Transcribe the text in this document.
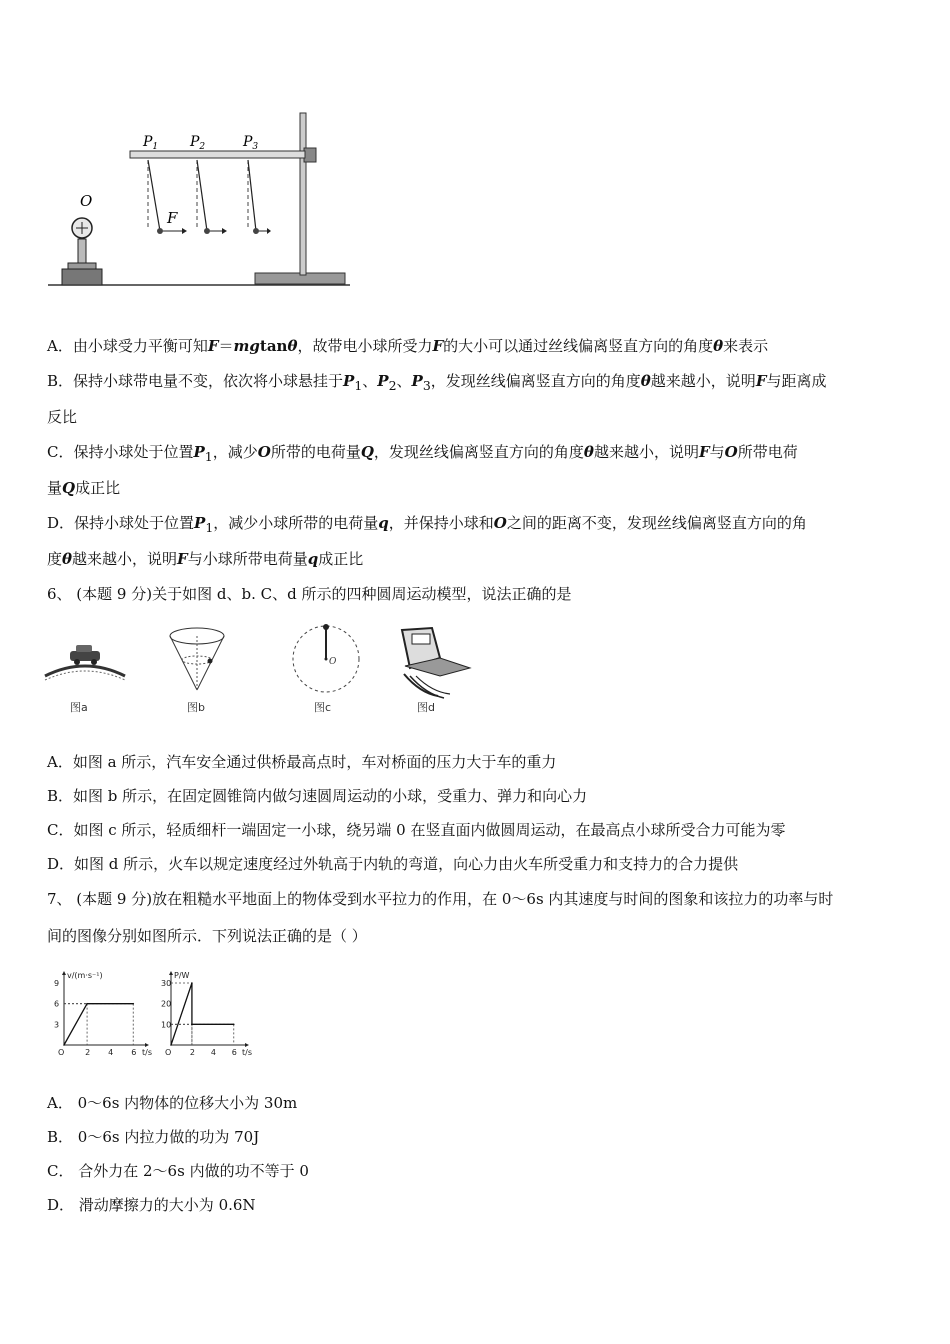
$P_1$ $P_2$	$P_3$
F
O
A．由小球受力平衡可知F＝mgtanθ，故带电小球所受力F的大小可以通过丝线偏离竖直方向的角度θ来表示
B．保持小球带电量不变，依次将小球悬挂于$P_1$、$P_2$、$P_3$，发现丝线偏离竖直方向的角度θ越来越小，说明F与距离成
反比
C．保持小球处于位置$P_1$，减少O所带的电荷量Q，发现丝线偏离竖直方向的角度θ越来越小，说明F与O所带电荷
量Q成正比
D．保持小球处于位置$P_1$，减少小球所带的电荷量q，并保持小球和O之间的距离不变，发现丝线偏离竖直方向的角
度θ越来越小，说明F与小球所带电荷量q成正比
6、 (本题 9 分)关于如图 d、b. C、d 所示的四种圆周运动模型，说法正确的是
图a	图b
O
图c	图d
A．如图 a 所示，汽车安全通过供桥最高点时，车对桥面的压力大于车的重力
B．如图 b 所示，在固定圆锥筒内做匀速圆周运动的小球，受重力、弹力和向心力
C．如图 c 所示，轻质细杆一端固定一小球，绕另端 0 在竖直面内做圆周运动，在最高点小球所受合力可能为零
D．如图 d 所示，火车以规定速度经过外轨高于内轨的弯道，向心力由火车所受重力和支持力的合力提供
7、 (本题 9 分)放在粗糙水平地面上的物体受到水平拉力的作用，在 0～6s 内其速度与时间的图象和该拉力的功率与时
间的图像分别如图所示．下列说法正确的是（ ）
v/(m·s⁻¹)
t/s
O	2 4 6
3
6
9
P/W
t/s
O 2 4 6
10
20
30
A． 0～6s 内物体的位移大小为 30m
B． 0～6s 内拉力做的功为 70J
C． 合外力在 2～6s 内做的功不等于 0
D． 滑动摩擦力的大小为 0.6N
